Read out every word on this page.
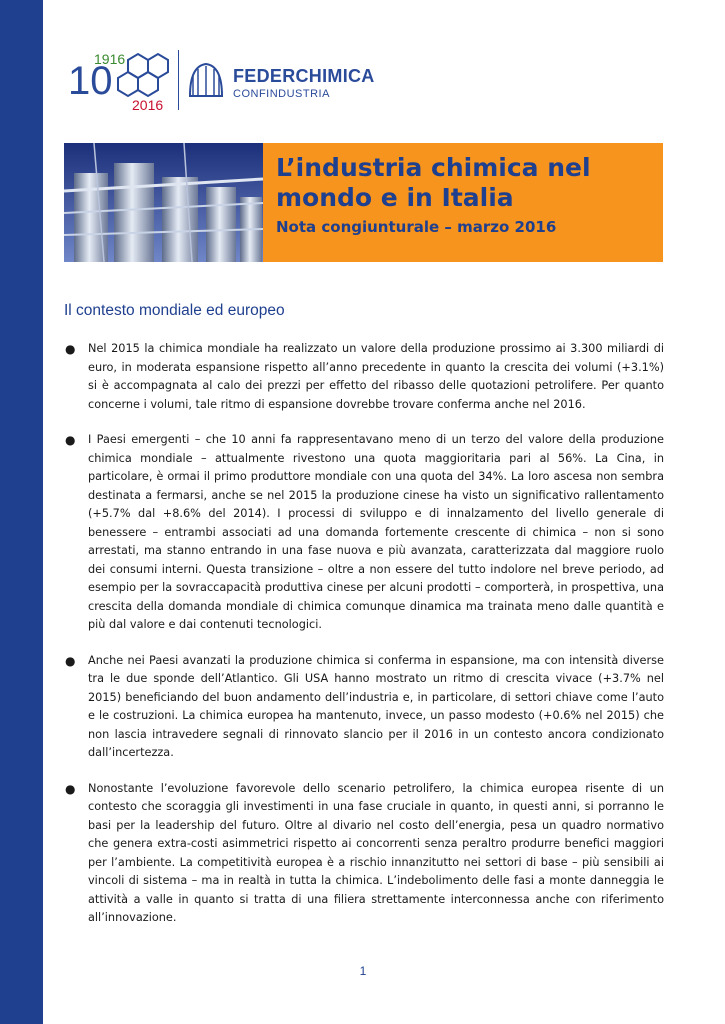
10
1916
2016
FEDERCHIMICA
CONFINDUSTRIA
L’industria chimica nel mondo e in Italia

Nota congiunturale – marzo 2016

Il contesto mondiale ed europeo
● Nel 2015 la chimica mondiale ha realizzato un valore della produzione prossimo ai 3.300 miliardi di euro, in moderata espansione rispetto all’anno precedente in quanto la crescita dei volumi (+3.1%) si è accompagnata al calo dei prezzi per effetto del ribasso delle quotazioni petrolifere. Per quanto concerne i volumi, tale ritmo di espansione dovrebbe trovare conferma anche nel 2016.
● I Paesi emergenti – che 10 anni fa rappresentavano meno di un terzo del valore della produzione chimica mondiale – attualmente rivestono una quota maggioritaria pari al 56%. La Cina, in particolare, è ormai il primo produttore mondiale con una quota del 34%. La loro ascesa non sembra destinata a fermarsi, anche se nel 2015 la produzione cinese ha visto un significativo rallentamento (+5.7% dal +8.6% del 2014). I processi di sviluppo e di innalzamento del livello generale di benessere – entrambi associati ad una domanda fortemente crescente di chimica – non si sono arrestati, ma stanno entrando in una fase nuova e più avanzata, caratterizzata dal maggiore ruolo dei consumi interni. Questa transizione – oltre a non essere del tutto indolore nel breve periodo, ad esempio per la sovraccapacità produttiva cinese per alcuni prodotti – comporterà, in prospettiva, una crescita della domanda mondiale di chimica comunque dinamica ma trainata meno dalle quantità e più dal valore e dai contenuti tecnologici.
● Anche nei Paesi avanzati la produzione chimica si conferma in espansione, ma con intensità diverse tra le due sponde dell’Atlantico. Gli USA hanno mostrato un ritmo di crescita vivace (+3.7% nel 2015) beneficiando del buon andamento dell’industria e, in particolare, di settori chiave come l’auto e le costruzioni. La chimica europea ha mantenuto, invece, un passo modesto (+0.6% nel 2015) che non lascia intravedere segnali di rinnovato slancio per il 2016 in un contesto ancora condizionato dall’incertezza.
● Nonostante l’evoluzione favorevole dello scenario petrolifero, la chimica europea risente di un contesto che scoraggia gli investimenti in una fase cruciale in quanto, in questi anni, si porranno le basi per la leadership del futuro. Oltre al divario nel costo dell’energia, pesa un quadro normativo che genera extra-costi asimmetrici rispetto ai concorrenti senza peraltro produrre benefici maggiori per l’ambiente. La competitività europea è a rischio innanzitutto nei settori di base – più sensibili ai vincoli di sistema – ma in realtà in tutta la chimica. L’indebolimento delle fasi a monte danneggia le attività a valle in quanto si tratta di una filiera strettamente interconnessa anche con riferimento all’innovazione.
1
